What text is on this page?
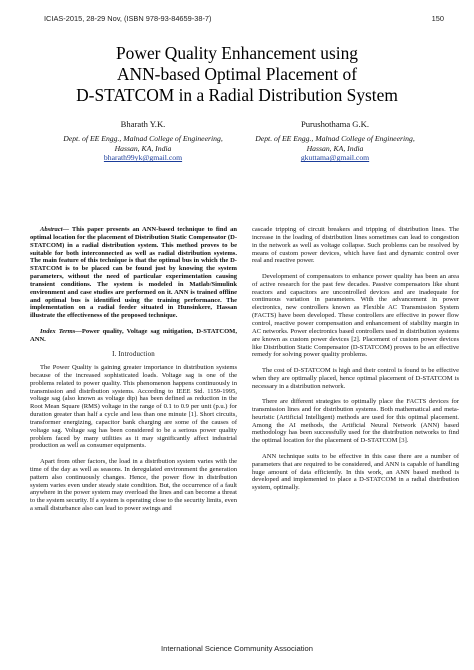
ICIAS-2015, 28-29 Nov, (ISBN 978-93-84659-38-7)	150
Power Quality Enhancement using
ANN-based Optimal Placement of
D-STATCOM in a Radial Distribution System
Bharath Y.K.
Dept. of EE Engg., Malnad College of Engineering,
Hassan, KA, India
bharath99yk@gmail.com
Purushothama G.K.
Dept. of EE Engg., Malnad College of Engineering,
Hassan, KA, India
gkuttama@gmail.com

Abstract— This paper presents an ANN-based technique to find an optimal location for the placement of Distribution Static Compensator (D-STATCOM) in a radial distribution system. This method proves to be suitable for both interconnected as well as radial distribution systems. The main feature of this technique is that the optimal bus in which the D-STATCOM is to be placed can be found just by knowing the system parameters, without the need of particular experimentation causing transient conditions. The system is modeled in Matlab/Simulink environment and case studies are performed on it. ANN is trained offline and optimal bus is identified using the training performance. The implementation on a radial feeder situated in Hunsinkere, Hassan illustrate the effectiveness of the proposed technique.

Index Terms—Power quality, Voltage sag mitigation, D-STATCOM, ANN.

I. Introduction

The Power Quality is gaining greater importance in distribution systems because of the increased sophisticated loads. Voltage sag is one of the problems related to power quality. This phenomenon happens continuously in transmission and distribution systems. According to IEEE Std. 1159-1995, voltage sag (also known as voltage dip) has been defined as reduction in the Root Mean Square (RMS) voltage in the range of 0.1 to 0.9 per unit (p.u.) for duration greater than half a cycle and less than one minute [1]. Short circuits, transformer energizing, capacitor bank charging are some of the causes of voltage sag. Voltage sag has been considered to be a serious power quality problem faced by many utilities as it may significantly affect industrial production as well as consumer equipments.

Apart from other factors, the load in a distribution system varies with the time of the day as well as seasons. In deregulated environment the generation pattern also continuously changes. Hence, the power flow in distribution system varies even under steady state condition. But, the occurrence of a fault anywhere in the power system may overload the lines and can become a threat to the system security. If a system is operating close to the security limits, even a small disturbance also can lead to power swings and

cascade tripping of circuit breakers and tripping of distribution lines. The increase in the loading of distribution lines sometimes can lead to congestion in the network as well as voltage collapse. Such problems can be resolved by means of custom power devices, which have fast and dynamic control over real and reactive power.

Development of compensators to enhance power quality has been an area of active research for the past few decades. Passive compensators like shunt reactors and capacitors are uncontrolled devices and are inadequate for continuous variation in parameters. With the advancement in power electronics, new controllers known as Flexible AC Transmission System (FACTS) have been developed. These controllers are effective in power flow control, reactive power compensation and enhancement of stability margin in AC networks. Power electronics based controllers used in distribution systems are known as custom power devices [2]. Placement of custom power devices like Distribution Static Compensator (D-STATCOM) proves to be an effective remedy for solving power quality problems.

The cost of D-STATCOM is high and their control is found to be effective when they are optimally placed, hence optimal placement of D-STATCOM is necessary in a distribution network.

There are different strategies to optimally place the FACTS devices for transmission lines and for distribution systems. Both mathematical and meta-heuristic (Artificial Intelligent) methods are used for this optimal placement. Among the AI methods, the Artificial Neural Network (ANN) based methodology has been successfully used for the distribution networks to find the optimal location for the placement of D-STATCOM [3].

ANN technique suits to be effective in this case there are a number of parameters that are required to be considered, and ANN is capable of handling huge amount of data efficiently. In this work, an ANN based method is developed and implemented to place a D-STATCOM in a radial distribution system, optimally.

International Science Community Association
